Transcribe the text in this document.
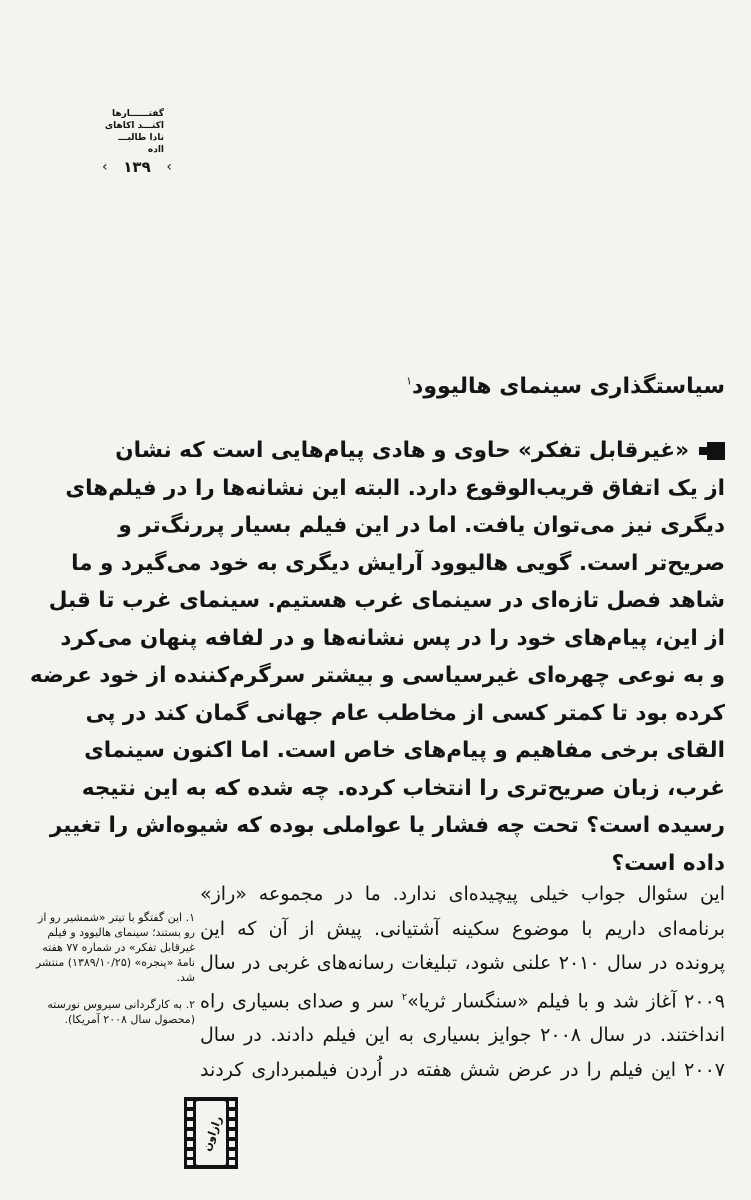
گفتــــــارها
اکنـــد اکاهای
نادا طالبـــ ااده
‹ ۱۳۹ ‹
سیاستگذاری سینمای هالیوود$^۱$
«غیرقابل تفکر» حاوی و هادی پیام‌هایی است که نشان
از یک اتفاق قریب‌الوقوع دارد. البته این نشانه‌ها را در فیلم‌های
دیگری نیز می‌توان یافت. اما در این فیلم بسیار پررنگ‌تر و
صریح‌تر است. گویی هالیوود آرایش دیگری به خود می‌گیرد و ما
شاهد فصل تازه‌ای در سینمای غرب هستیم. سینمای غرب تا قبل
از این، پیام‌های خود را در پس نشانه‌ها و در لفافه پنهان می‌کرد
و به نوعی چهره‌ای غیرسیاسی و بیشتر سرگرم‌کننده از خود عرضه
کرده بود تا کمتر کسی از مخاطب عام جهانی گمان کند در پی
القای برخی مفاهیم و پیام‌های خاص است. اما اکنون سینمای
غرب، زبان صریح‌تری را انتخاب کرده. چه شده که به این نتیجه
رسیده است؟ تحت چه فشار یا عواملی بوده که شیوه‌اش را تغییر
داده است؟
این سئوال جواب خیلی پیچیده‌ای ندارد. ما در مجموعه «راز»
برنامه‌ای داریم با موضوع سکینه آشتیانی. پیش از آن که این
پرونده در سال ۲۰۱۰ علنی شود، تبلیغات رسانه‌های غربی در سال
۲۰۰۹ آغاز شد و با فیلم «سنگسار ثریا»$^۲$ سر و صدای بسیاری راه
انداختند. در سال ۲۰۰۸ جوایز بسیاری به این فیلم دادند. در سال
۲۰۰۷ این فیلم را در عرض شش هفته در اُردن فیلمبرداری کردند
۱. این گفتگو با تیتر «شمشیر رو از رو بستند؛ سینمای هالیوود و فیلم غیرقابل تفکر» در شماره ۷۷ هفته نامهٔ «پنجره» (۱۳۸۹/۱۰/۲۵) منتشر شد.
۲. به کارگردانی سیروس نورسته (محصول سال ۲۰۰۸ آمریکا).
رازاون
